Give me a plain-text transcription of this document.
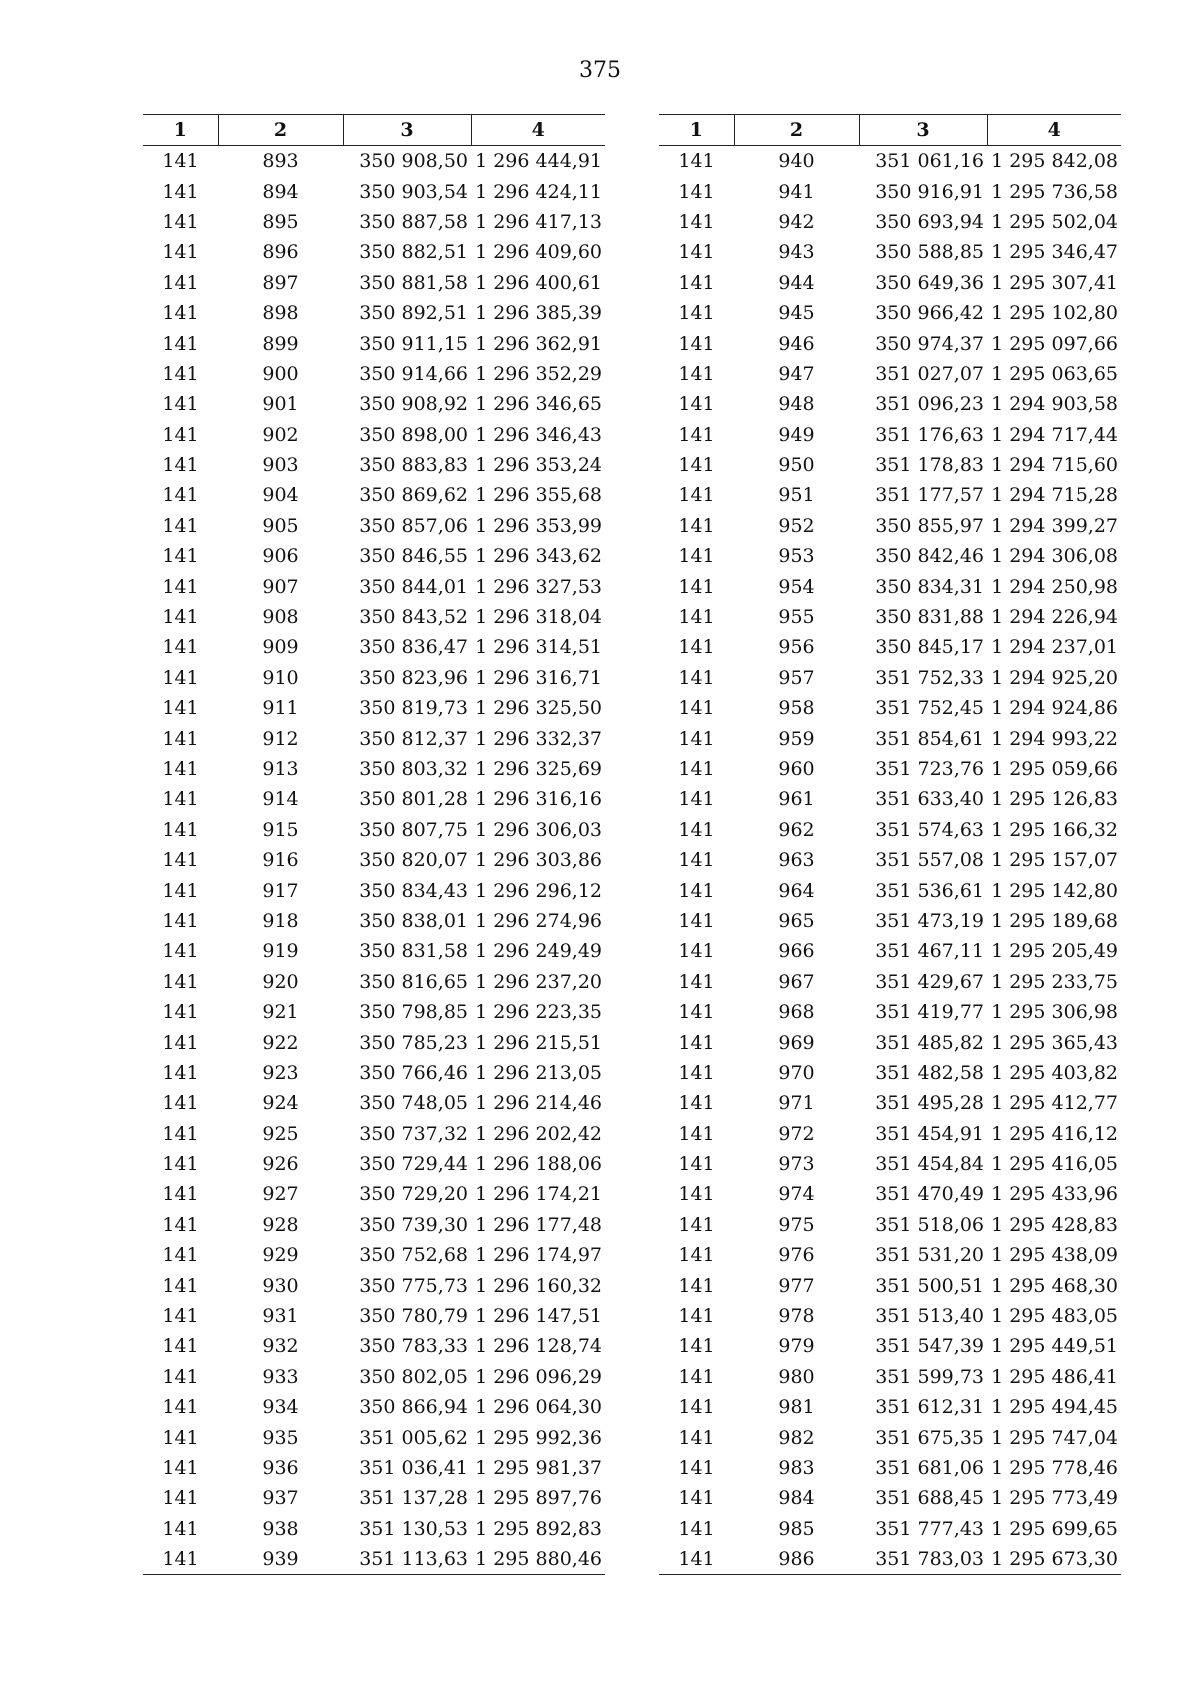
375
1	2	3	4
141	893	350 908,50	1 296 444,91
141	894	350 903,54	1 296 424,11
141	895	350 887,58	1 296 417,13
141	896	350 882,51	1 296 409,60
141	897	350 881,58	1 296 400,61
141	898	350 892,51	1 296 385,39
141	899	350 911,15	1 296 362,91
141	900	350 914,66	1 296 352,29
141	901	350 908,92	1 296 346,65
141	902	350 898,00	1 296 346,43
141	903	350 883,83	1 296 353,24
141	904	350 869,62	1 296 355,68
141	905	350 857,06	1 296 353,99
141	906	350 846,55	1 296 343,62
141	907	350 844,01	1 296 327,53
141	908	350 843,52	1 296 318,04
141	909	350 836,47	1 296 314,51
141	910	350 823,96	1 296 316,71
141	911	350 819,73	1 296 325,50
141	912	350 812,37	1 296 332,37
141	913	350 803,32	1 296 325,69
141	914	350 801,28	1 296 316,16
141	915	350 807,75	1 296 306,03
141	916	350 820,07	1 296 303,86
141	917	350 834,43	1 296 296,12
141	918	350 838,01	1 296 274,96
141	919	350 831,58	1 296 249,49
141	920	350 816,65	1 296 237,20
141	921	350 798,85	1 296 223,35
141	922	350 785,23	1 296 215,51
141	923	350 766,46	1 296 213,05
141	924	350 748,05	1 296 214,46
141	925	350 737,32	1 296 202,42
141	926	350 729,44	1 296 188,06
141	927	350 729,20	1 296 174,21
141	928	350 739,30	1 296 177,48
141	929	350 752,68	1 296 174,97
141	930	350 775,73	1 296 160,32
141	931	350 780,79	1 296 147,51
141	932	350 783,33	1 296 128,74
141	933	350 802,05	1 296 096,29
141	934	350 866,94	1 296 064,30
141	935	351 005,62	1 295 992,36
141	936	351 036,41	1 295 981,37
141	937	351 137,28	1 295 897,76
141	938	351 130,53	1 295 892,83
141	939	351 113,63	1 295 880,46
1	2	3	4
141	940	351 061,16	1 295 842,08
141	941	350 916,91	1 295 736,58
141	942	350 693,94	1 295 502,04
141	943	350 588,85	1 295 346,47
141	944	350 649,36	1 295 307,41
141	945	350 966,42	1 295 102,80
141	946	350 974,37	1 295 097,66
141	947	351 027,07	1 295 063,65
141	948	351 096,23	1 294 903,58
141	949	351 176,63	1 294 717,44
141	950	351 178,83	1 294 715,60
141	951	351 177,57	1 294 715,28
141	952	350 855,97	1 294 399,27
141	953	350 842,46	1 294 306,08
141	954	350 834,31	1 294 250,98
141	955	350 831,88	1 294 226,94
141	956	350 845,17	1 294 237,01
141	957	351 752,33	1 294 925,20
141	958	351 752,45	1 294 924,86
141	959	351 854,61	1 294 993,22
141	960	351 723,76	1 295 059,66
141	961	351 633,40	1 295 126,83
141	962	351 574,63	1 295 166,32
141	963	351 557,08	1 295 157,07
141	964	351 536,61	1 295 142,80
141	965	351 473,19	1 295 189,68
141	966	351 467,11	1 295 205,49
141	967	351 429,67	1 295 233,75
141	968	351 419,77	1 295 306,98
141	969	351 485,82	1 295 365,43
141	970	351 482,58	1 295 403,82
141	971	351 495,28	1 295 412,77
141	972	351 454,91	1 295 416,12
141	973	351 454,84	1 295 416,05
141	974	351 470,49	1 295 433,96
141	975	351 518,06	1 295 428,83
141	976	351 531,20	1 295 438,09
141	977	351 500,51	1 295 468,30
141	978	351 513,40	1 295 483,05
141	979	351 547,39	1 295 449,51
141	980	351 599,73	1 295 486,41
141	981	351 612,31	1 295 494,45
141	982	351 675,35	1 295 747,04
141	983	351 681,06	1 295 778,46
141	984	351 688,45	1 295 773,49
141	985	351 777,43	1 295 699,65
141	986	351 783,03	1 295 673,30
